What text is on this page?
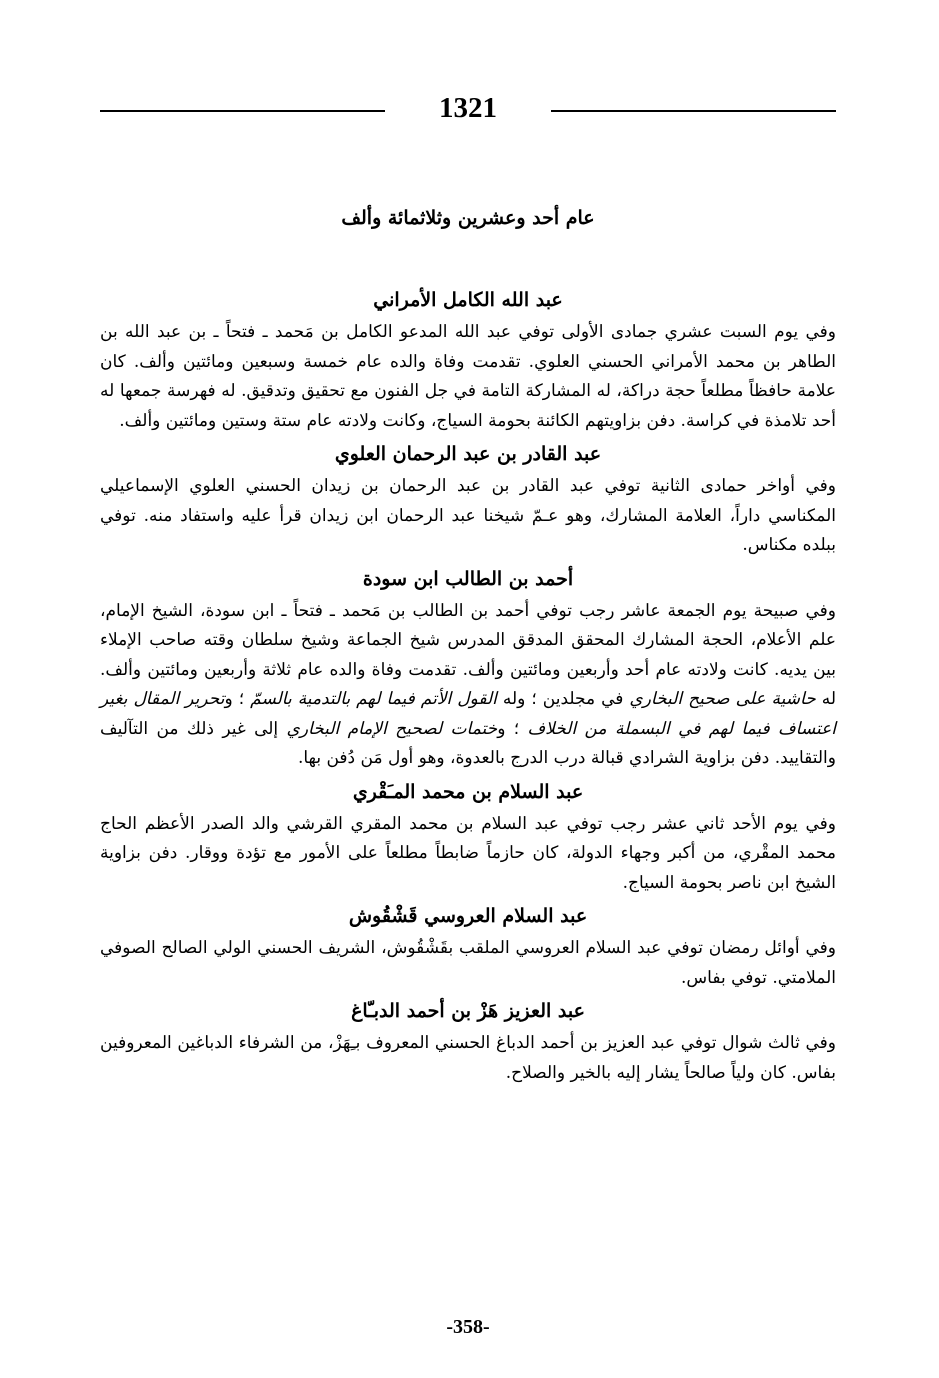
1321
عام أحد وعشرين وثلاثمائة وألف

عبد الله الكامل الأمراني

وفي يوم السبت عشري جمادى الأولى توفي عبد الله المدعو الكامل بن مَحمد ـ فتحاً ـ بن عبد الله بن الطاهر بن محمد الأمراني الحسني العلوي. تقدمت وفاة والده عام خمسة وسبعين ومائتين وألف. كان علامة حافظاً مطلعاً حجة دراكة، له المشاركة التامة في جل الفنون مع تحقيق وتدقيق. له فهرسة جمعها له أحد تلامذة في كراسة. دفن بزاويتهم الكائنة بحومة السياج، وكانت ولادته عام ستة وستين ومائتين وألف.

عبد القادر بن عبد الرحمان العلوي

وفي أواخر حمادى الثانية توفي عبد القادر بن عبد الرحمان بن زيدان الحسني العلوي الإسماعيلي المكناسي داراً، العلامة المشارك، وهو عـمّ شيخنا عبد الرحمان ابن زيدان قرأ عليه واستفاد منه. توفي ببلده مكناس.

أحمد بن الطالب ابن سودة

وفي صبيحة يوم الجمعة عاشر رجب توفي أحمد بن الطالب بن مَحمد ـ فتحاً ـ ابن سودة، الشيخ الإمام، علم الأعلام، الحجة المشارك المحقق المدقق المدرس شيخ الجماعة وشيخ سلطان وقته صاحب الإملاء بين يديه. كانت ولادته عام أحد وأربعين ومائتين وألف. تقدمت وفاة والده عام ثلاثة وأربعين ومائتين وألف. له حاشية على صحيح البخاري في مجلدين ؛ وله القول الأتم فيما لهم بالتدمية بالسمّ ؛ وتحرير المقال بغير اعتساف فيما لهم في البسملة من الخلاف ؛ وختمات لصحيح الإمام البخاري إلى غير ذلك من التآليف والتقاييد. دفن بزاوية الشرادي قبالة درب الدرج بالعدوة، وهو أول مَن دُفن بها.

عبد السلام بن محمد المـَقْري

وفي يوم الأحد ثاني عشر رجب توفي عبد السلام بن محمد المقري القرشي والد الصدر الأعظم الحاج محمد المقْري، من أكبر وجهاء الدولة، كان حازماً ضابطاً مطلعاً على الأمور مع تؤدة ووقار. دفن بزاوية الشيخ ابن ناصر بحومة السياج.

عبد السلام العروسي قَشْقُوش

وفي أوائل رمضان توفي عبد السلام العروسي الملقب بقَشْقُوش، الشريف الحسني الولي الصالح الصوفي الملامتي. توفي بفاس.

عبد العزيز هَزْ بن أحمد الدبـّاغ

وفي ثالث شوال توفي عبد العزيز بن أحمد الدباغ الحسني المعروف بـِهَزْ، من الشرفاء الدباغين المعروفين بفاس. كان ولياً صالحاً يشار إليه بالخير والصلاح.

-358-
